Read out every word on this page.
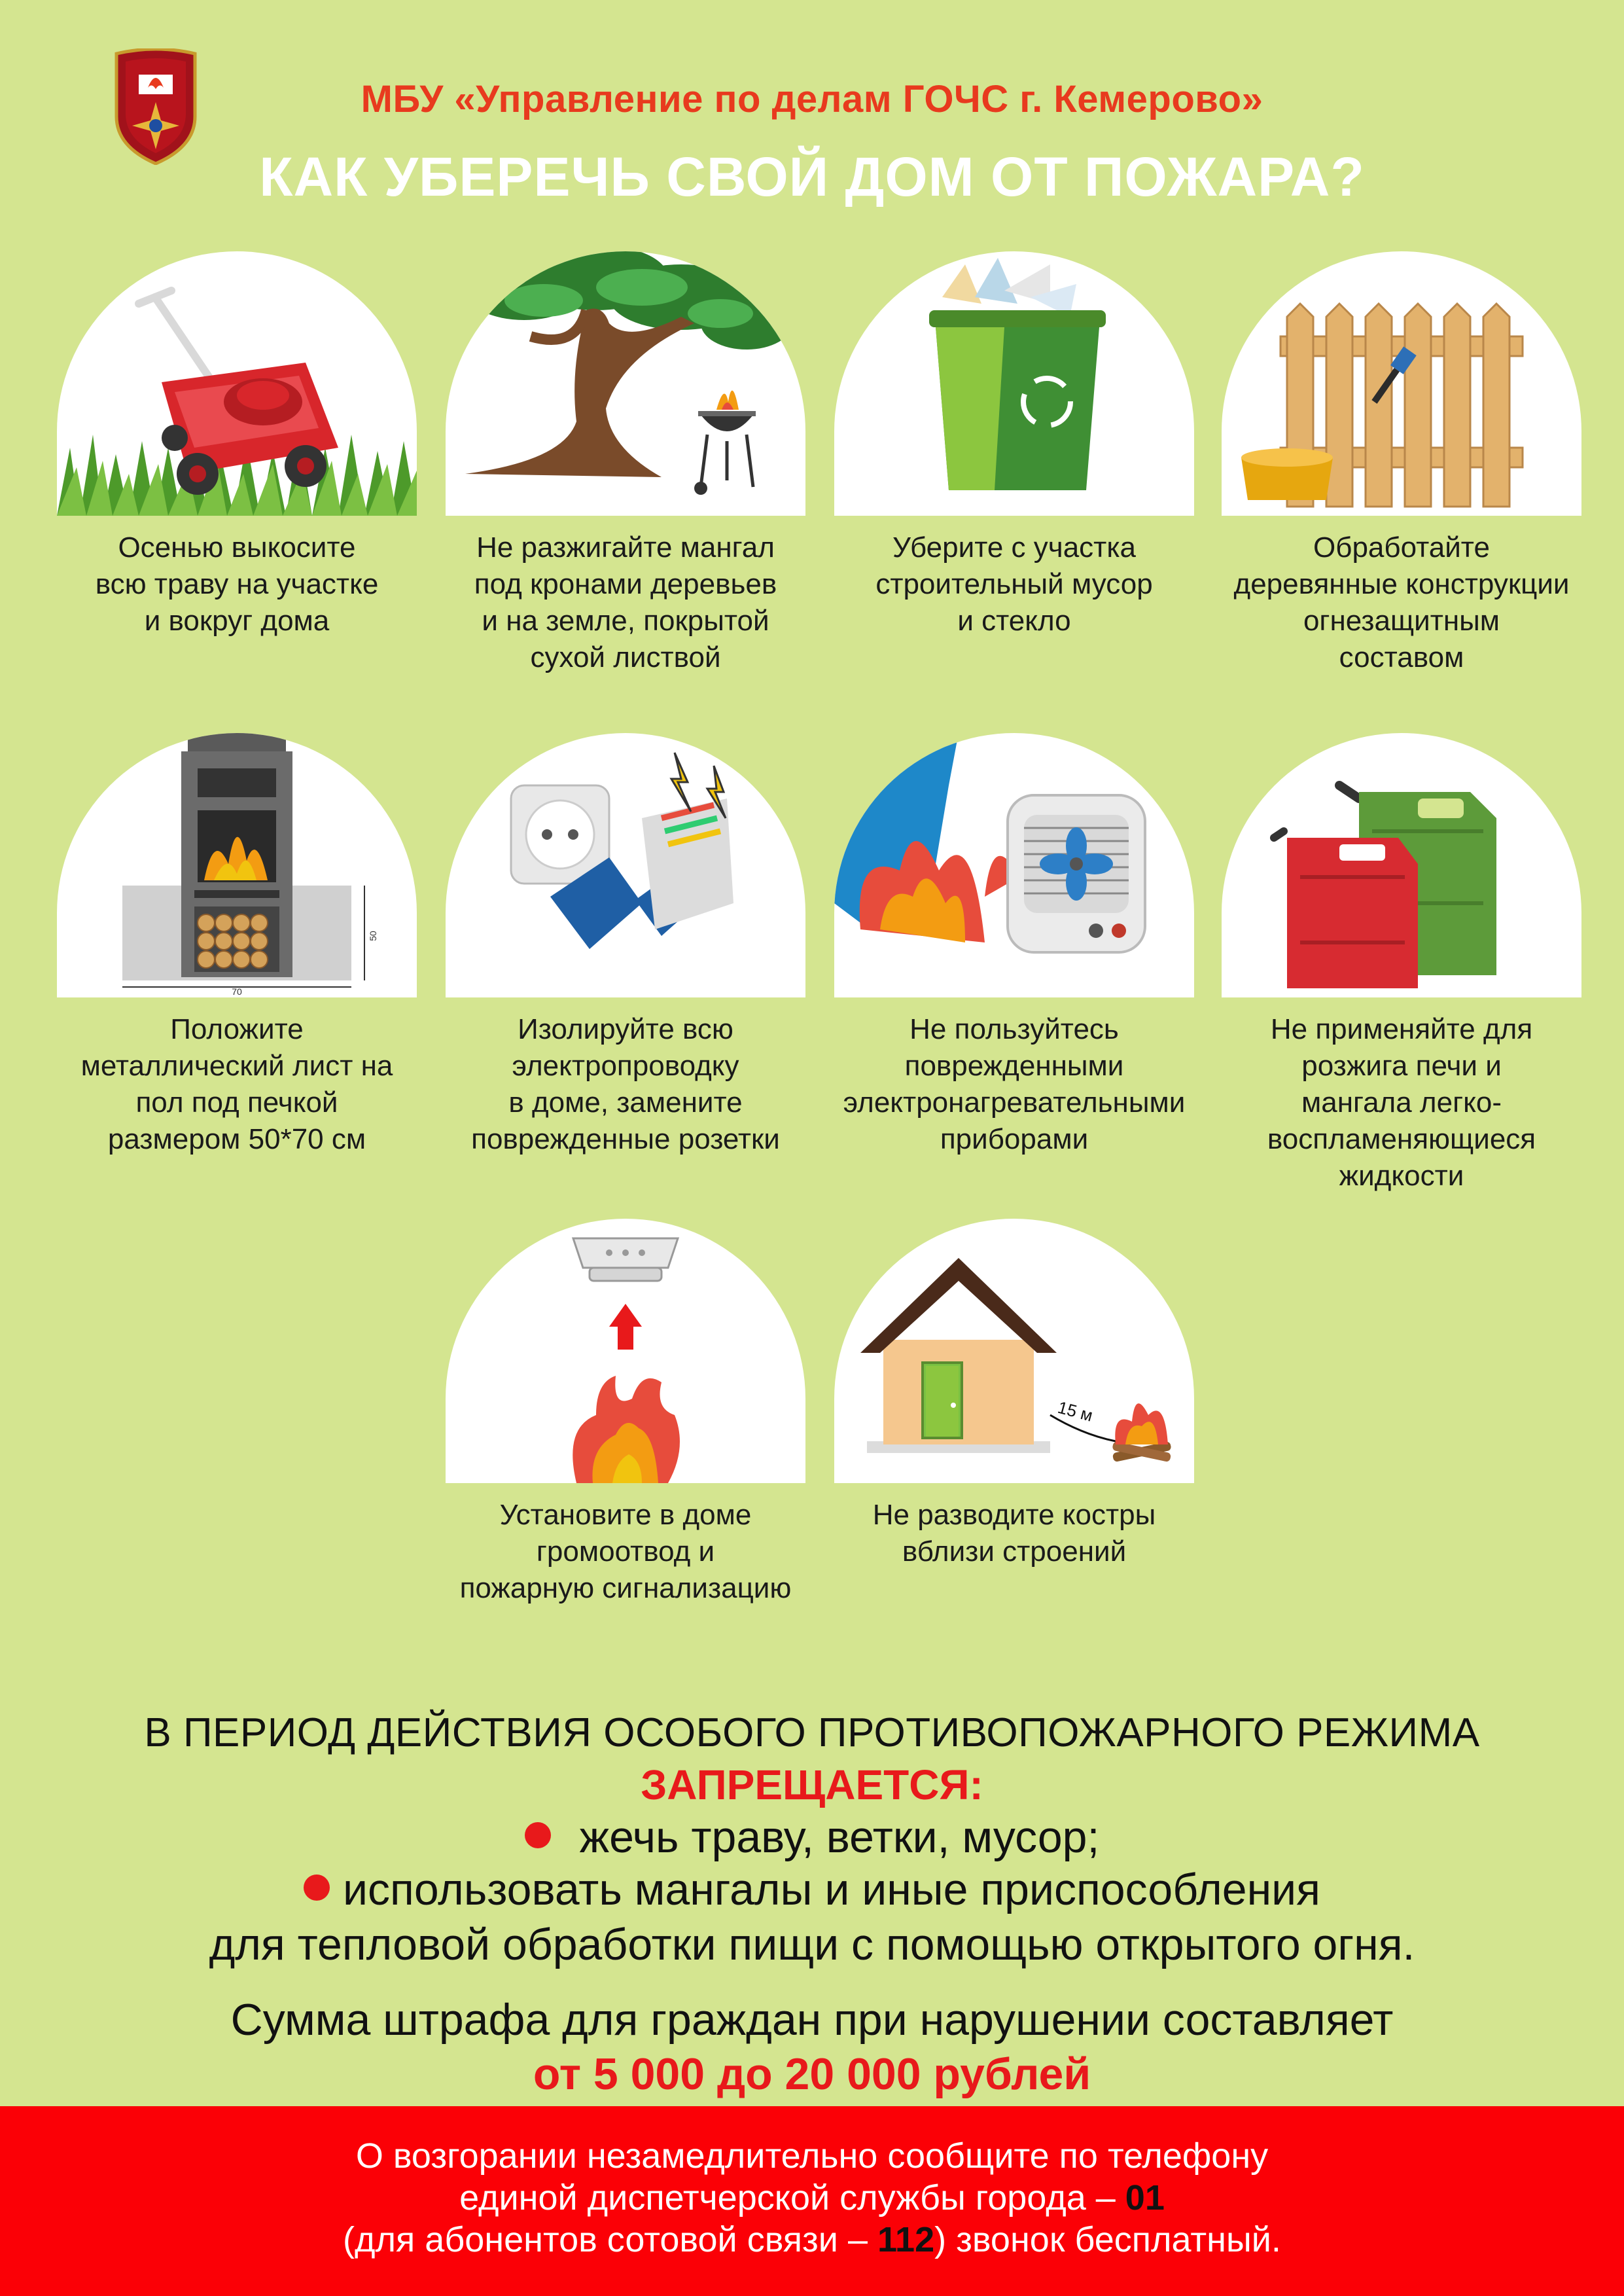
МБУ «Управление по делам ГОЧС г. Кемерово»
КАК УБЕРЕЧЬ СВОЙ ДОМ ОТ ПОЖАРА?
Осенью выкосите
всю траву на участке
и вокруг дома
Не разжигайте мангал
под кронами деревьев
и на земле, покрытой
сухой листвой
Уберите с участка
строительный мусор
и стекло
Обработайте
деревянные конструкции
огнезащитным
составом
70
50
Положите
металлический лист на
пол под печкой
размером 50*70 см
Изолируйте всю
электропроводку
в доме, замените
поврежденные розетки
Не пользуйтесь
поврежденными
электронагревательными
приборами
Не применяйте для
розжига печи и
мангала легко-
воспламеняющиеся
жидкости
Установите в доме
громоотвод и
пожарную сигнализацию
15 м
Не разводите костры
вблизи строений
В ПЕРИОД ДЕЙСТВИЯ ОСОБОГО ПРОТИВОПОЖАРНОГО РЕЖИМА
ЗАПРЕЩАЕТСЯ:
жечь траву, ветки, мусор;
использовать мангалы и иные приспособления
для тепловой обработки пищи с помощью открытого огня.
Сумма штрафа для граждан при нарушении составляет
от 5 000 до 20 000 рублей
О возгорании незамедлительно сообщите по телефону
единой диспетчерской службы города – 01
(для абонентов сотовой связи – 112) звонок бесплатный.
